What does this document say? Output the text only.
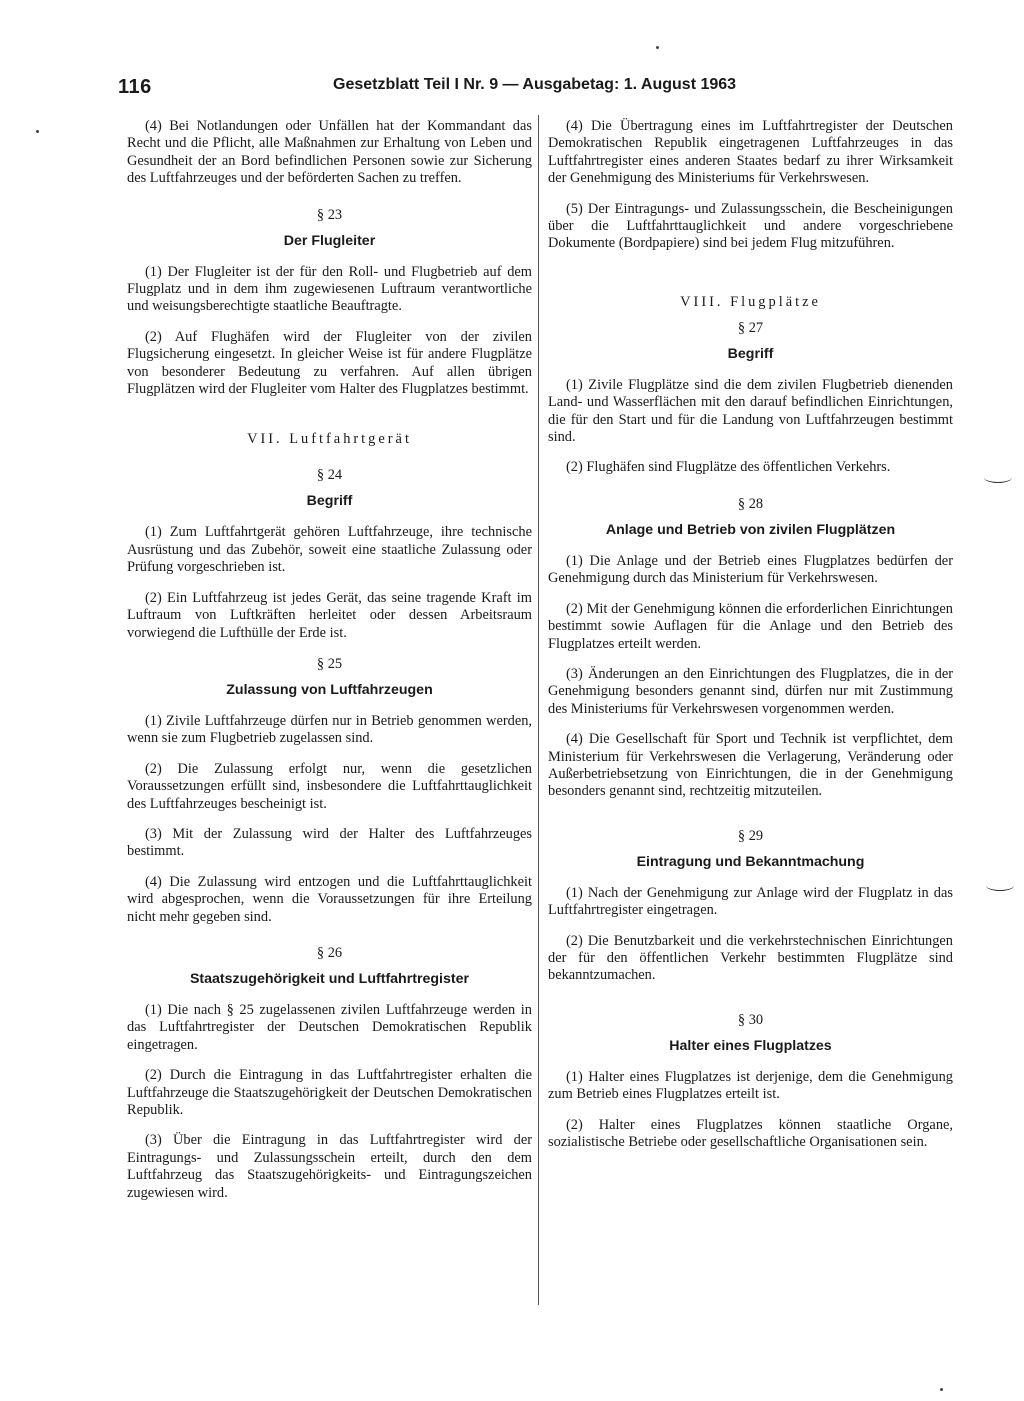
116	Gesetzblatt Teil I Nr. 9 — Ausgabetag: 1. August 1963

(4) Bei Notlandungen oder Unfällen hat der Kommandant das Recht und die Pflicht, alle Maßnahmen zur Erhaltung von Leben und Gesundheit der an Bord befindlichen Personen sowie zur Sicherung des Luftfahrzeuges und der beförderten Sachen zu treffen.

§ 23
Der Flugleiter

(1) Der Flugleiter ist der für den Roll- und Flugbetrieb auf dem Flugplatz und in dem ihm zugewiesenen Luftraum verantwortliche und weisungsberechtigte staatliche Beauftragte.

(2) Auf Flughäfen wird der Flugleiter von der zivilen Flugsicherung eingesetzt. In gleicher Weise ist für andere Flugplätze von besonderer Bedeutung zu verfahren. Auf allen übrigen Flugplätzen wird der Flugleiter vom Halter des Flugplatzes bestimmt.

VII. Luftfahrtgerät
§ 24
Begriff

(1) Zum Luftfahrtgerät gehören Luftfahrzeuge, ihre technische Ausrüstung und das Zubehör, soweit eine staatliche Zulassung oder Prüfung vorgeschrieben ist.

(2) Ein Luftfahrzeug ist jedes Gerät, das seine tragende Kraft im Luftraum von Luftkräften herleitet oder dessen Arbeitsraum vorwiegend die Lufthülle der Erde ist.

§ 25
Zulassung von Luftfahrzeugen

(1) Zivile Luftfahrzeuge dürfen nur in Betrieb genommen werden, wenn sie zum Flugbetrieb zugelassen sind.

(2) Die Zulassung erfolgt nur, wenn die gesetzlichen Voraussetzungen erfüllt sind, insbesondere die Luftfahrttauglichkeit des Luftfahrzeuges bescheinigt ist.

(3) Mit der Zulassung wird der Halter des Luftfahrzeuges bestimmt.

(4) Die Zulassung wird entzogen und die Luftfahrttauglichkeit wird abgesprochen, wenn die Voraussetzungen für ihre Erteilung nicht mehr gegeben sind.

§ 26
Staatszugehörigkeit und Luftfahrtregister

(1) Die nach § 25 zugelassenen zivilen Luftfahrzeuge werden in das Luftfahrtregister der Deutschen Demokratischen Republik eingetragen.

(2) Durch die Eintragung in das Luftfahrtregister erhalten die Luftfahrzeuge die Staatszugehörigkeit der Deutschen Demokratischen Republik.

(3) Über die Eintragung in das Luftfahrtregister wird der Eintragungs- und Zulassungsschein erteilt, durch den dem Luftfahrzeug das Staatszugehörigkeits- und Eintragungszeichen zugewiesen wird.

(4) Die Übertragung eines im Luftfahrtregister der Deutschen Demokratischen Republik eingetragenen Luftfahrzeuges in das Luftfahrtregister eines anderen Staates bedarf zu ihrer Wirksamkeit der Genehmigung des Ministeriums für Verkehrswesen.

(5) Der Eintragungs- und Zulassungsschein, die Bescheinigungen über die Luftfahrttauglichkeit und andere vorgeschriebene Dokumente (Bordpapiere) sind bei jedem Flug mitzuführen.

VIII. Flugplätze
§ 27
Begriff

(1) Zivile Flugplätze sind die dem zivilen Flugbetrieb dienenden Land- und Wasserflächen mit den darauf befindlichen Einrichtungen, die für den Start und für die Landung von Luftfahrzeugen bestimmt sind.

(2) Flughäfen sind Flugplätze des öffentlichen Verkehrs.

§ 28
Anlage und Betrieb von zivilen Flugplätzen

(1) Die Anlage und der Betrieb eines Flugplatzes bedürfen der Genehmigung durch das Ministerium für Verkehrswesen.

(2) Mit der Genehmigung können die erforderlichen Einrichtungen bestimmt sowie Auflagen für die Anlage und den Betrieb des Flugplatzes erteilt werden.

(3) Änderungen an den Einrichtungen des Flugplatzes, die in der Genehmigung besonders genannt sind, dürfen nur mit Zustimmung des Ministeriums für Verkehrswesen vorgenommen werden.

(4) Die Gesellschaft für Sport und Technik ist verpflichtet, dem Ministerium für Verkehrswesen die Verlagerung, Veränderung oder Außerbetriebsetzung von Einrichtungen, die in der Genehmigung besonders genannt sind, rechtzeitig mitzuteilen.

§ 29
Eintragung und Bekanntmachung

(1) Nach der Genehmigung zur Anlage wird der Flugplatz in das Luftfahrtregister eingetragen.

(2) Die Benutzbarkeit und die verkehrstechnischen Einrichtungen der für den öffentlichen Verkehr bestimmten Flugplätze sind bekanntzumachen.

§ 30
Halter eines Flugplatzes

(1) Halter eines Flugplatzes ist derjenige, dem die Genehmigung zum Betrieb eines Flugplatzes erteilt ist.

(2) Halter eines Flugplatzes können staatliche Organe, sozialistische Betriebe oder gesellschaftliche Organisationen sein.
